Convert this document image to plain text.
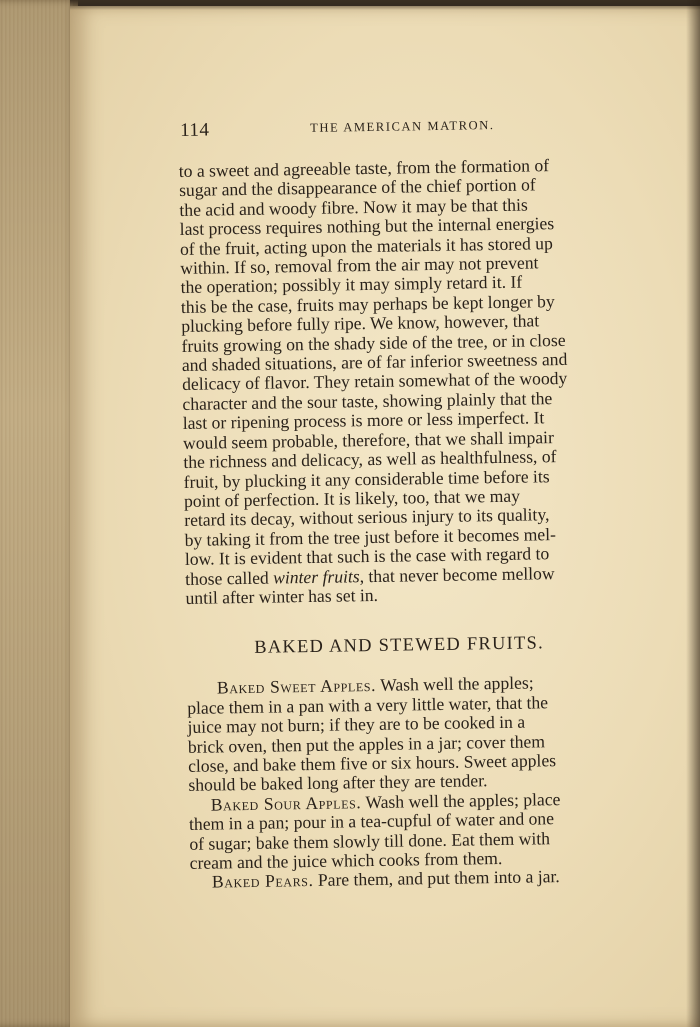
114	THE AMERICAN MATRON.
to a sweet and agreeable taste, from the formation of
sugar and the disappearance of the chief portion of
the acid and woody fibre. Now it may be that this
last process requires nothing but the internal energies
of the fruit, acting upon the materials it has stored up
within. If so, removal from the air may not prevent
the operation; possibly it may simply retard it. If
this be the case, fruits may perhaps be kept longer by
plucking before fully ripe. We know, however, that
fruits growing on the shady side of the tree, or in close
and shaded situations, are of far inferior sweetness and
delicacy of flavor. They retain somewhat of the woody
character and the sour taste, showing plainly that the
last or ripening process is more or less imperfect. It
would seem probable, therefore, that we shall impair
the richness and delicacy, as well as healthfulness, of
fruit, by plucking it any considerable time before its
point of perfection. It is likely, too, that we may
retard its decay, without serious injury to its quality,
by taking it from the tree just before it becomes mel-
low. It is evident that such is the case with regard to
those called winter fruits, that never become mellow
until after winter has set in.
BAKED AND STEWED FRUITS.
Baked Sweet Apples. Wash well the apples;
place them in a pan with a very little water, that the
juice may not burn; if they are to be cooked in a
brick oven, then put the apples in a jar; cover them
close, and bake them five or six hours. Sweet apples
should be baked long after they are tender.
Baked Sour Apples. Wash well the apples; place
them in a pan; pour in a tea-cupful of water and one
of sugar; bake them slowly till done. Eat them with
cream and the juice which cooks from them.
Baked Pears. Pare them, and put them into a jar.
